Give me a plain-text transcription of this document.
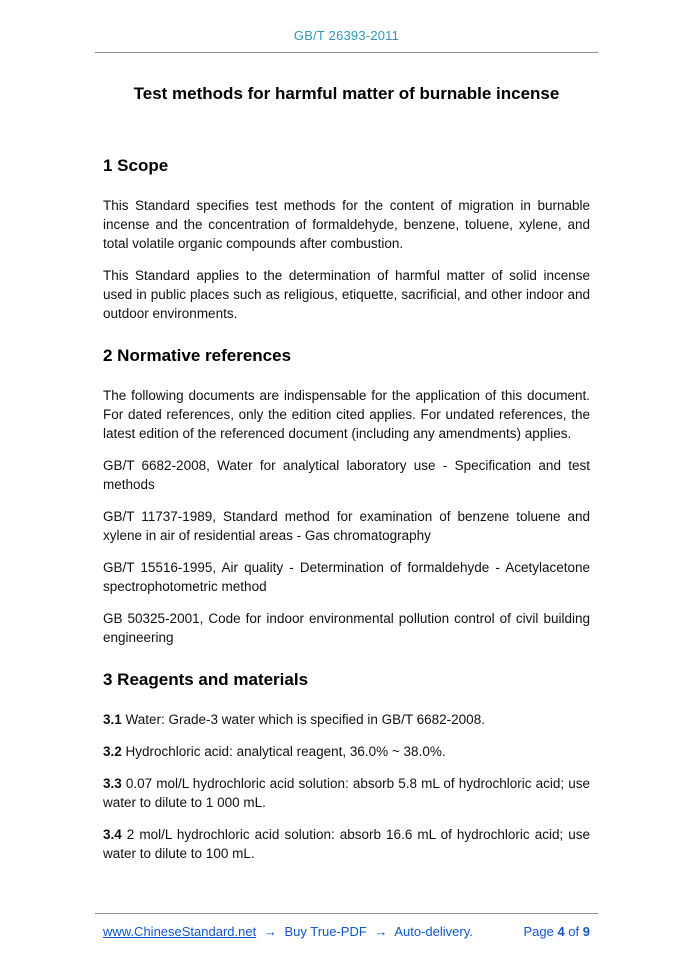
GB/T 26393-2011
Test methods for harmful matter of burnable incense
1 Scope

This Standard specifies test methods for the content of migration in burnable incense and the concentration of formaldehyde, benzene, toluene, xylene, and total volatile organic compounds after combustion.

This Standard applies to the determination of harmful matter of solid incense used in public places such as religious, etiquette, sacrificial, and other indoor and outdoor environments.

2 Normative references

The following documents are indispensable for the application of this document. For dated references, only the edition cited applies. For undated references, the latest edition of the referenced document (including any amendments) applies.

GB/T 6682-2008, Water for analytical laboratory use - Specification and test methods

GB/T 11737-1989, Standard method for examination of benzene toluene and xylene in air of residential areas - Gas chromatography

GB/T 15516-1995, Air quality - Determination of formaldehyde - Acetylacetone spectrophotometric method

GB 50325-2001, Code for indoor environmental pollution control of civil building engineering

3 Reagents and materials

3.1 Water: Grade-3 water which is specified in GB/T 6682-2008.

3.2 Hydrochloric acid: analytical reagent, 36.0% ~ 38.0%.

3.3 0.07 mol/L hydrochloric acid solution: absorb 5.8 mL of hydrochloric acid; use water to dilute to 1 000 mL.

3.4 2 mol/L hydrochloric acid solution: absorb 16.6 mL of hydrochloric acid; use water to dilute to 100 mL.

www.ChineseStandard.net → Buy True-PDF → Auto-delivery.	Page 4 of 9
